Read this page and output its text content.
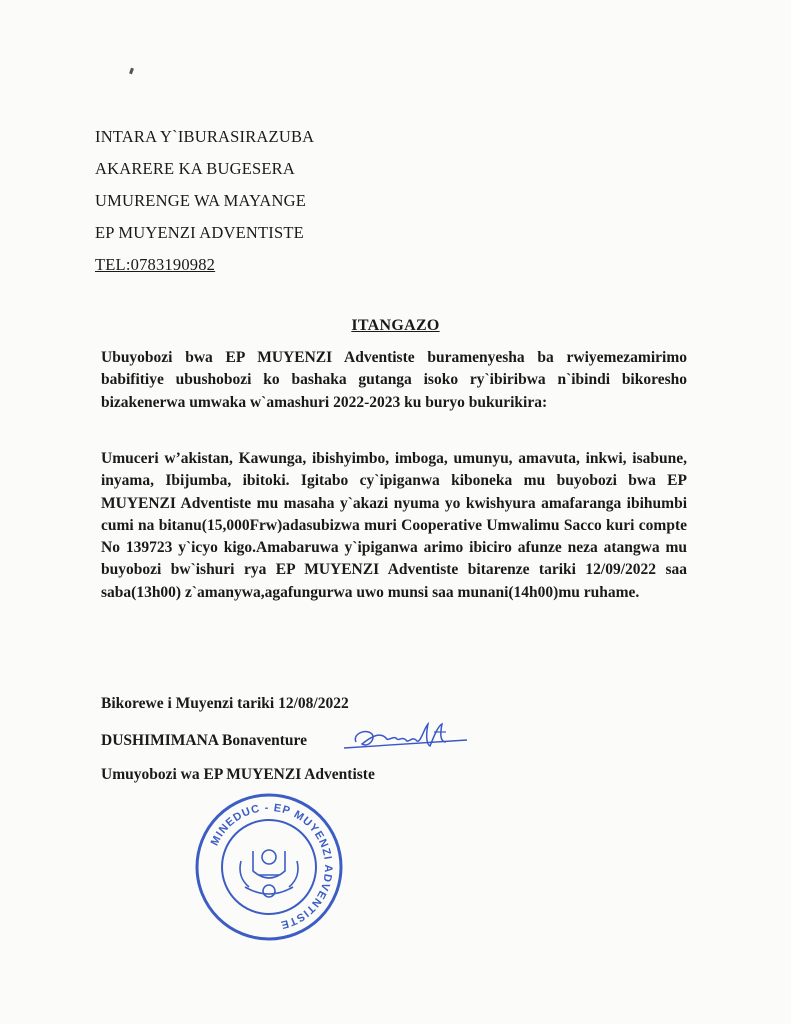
INTARA Y`IBURASIRAZUBA
AKARERE KA BUGESERA
UMURENGE WA MAYANGE
EP MUYENZI ADVENTISTE
TEL:0783190982
ITANGAZO

Ubuyobozi bwa EP MUYENZI Adventiste buramenyesha ba rwiyemezamirimo babifitiye ubushobozi ko bashaka gutanga isoko ry`ibiribwa n`ibindi bikoresho bizakenerwa umwaka w`amashuri 2022-2023 ku buryo bukurikira:

Umuceri w’akistan, Kawunga, ibishyimbo, imboga, umunyu, amavuta, inkwi, isabune, inyama, Ibijumba, ibitoki. Igitabo cy`ipiganwa kiboneka mu buyobozi bwa EP MUYENZI Adventiste mu masaha y`akazi nyuma yo kwishyura amafaranga ibihumbi cumi na bitanu(15,000Frw)adasubizwa muri Cooperative Umwalimu Sacco kuri compte No 139723 y`icyo kigo.Amabaruwa y`ipiganwa arimo ibiciro afunze neza atangwa mu buyobozi bw`ishuri rya EP MUYENZI Adventiste bitarenze tariki 12/09/2022 saa saba(13h00) z`amanywa,agafungurwa uwo munsi saa munani(14h00)mu ruhame.

Bikorewe i Muyenzi tariki 12/08/2022
DUSHIMIMANA Bonaventure
Umuyobozi wa EP MUYENZI Adventiste
MINEDUC - EP MUYENZI ADVENTISTE
